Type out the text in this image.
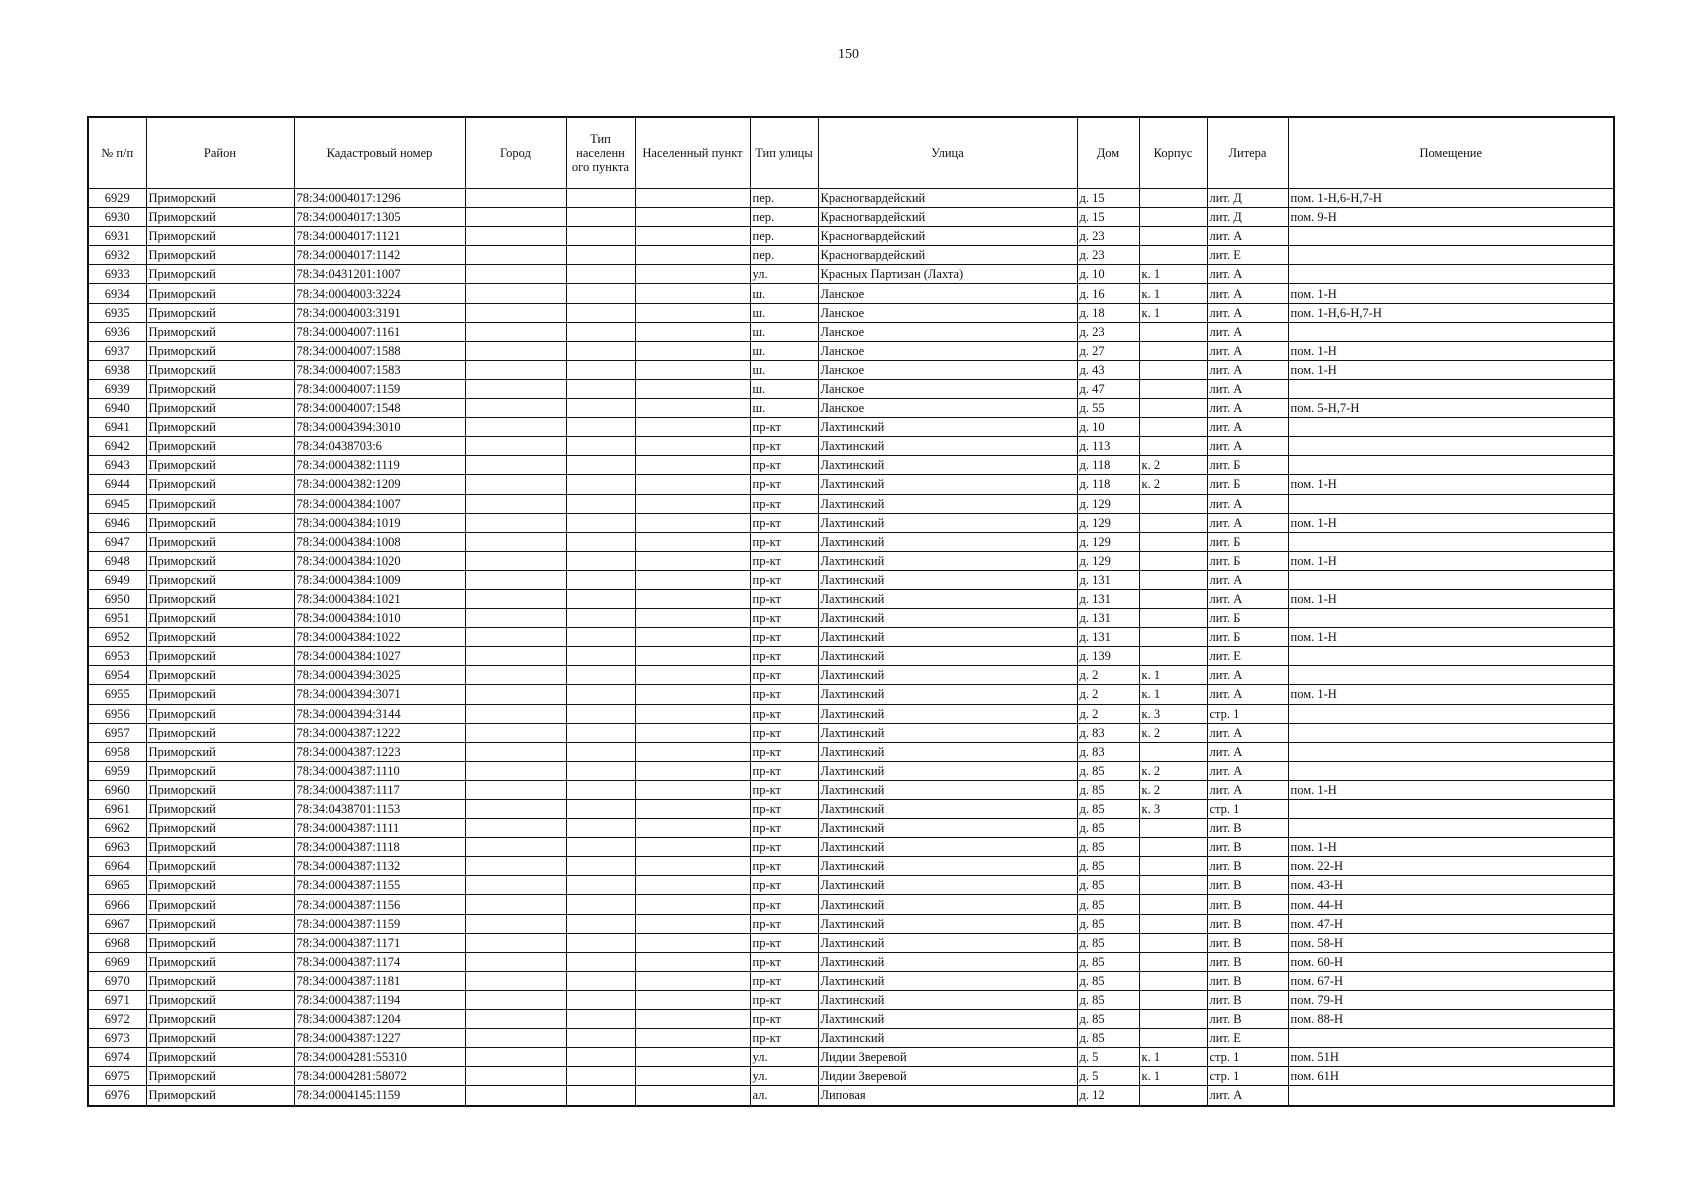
150
№ п/п	Район	Кадастровый номер	Город	Тип населенн ого пункта	Населенный пункт	Тип улицы	Улица	Дом	Корпус	Литера	Помещение
6929	Приморский	78:34:0004017:1296				пер.	Красногвардейский	д. 15		лит. Д	пом. 1-Н,6-Н,7-Н
6930	Приморский	78:34:0004017:1305				пер.	Красногвардейский	д. 15		лит. Д	пом. 9-Н
6931	Приморский	78:34:0004017:1121				пер.	Красногвардейский	д. 23		лит. А	
6932	Приморский	78:34:0004017:1142				пер.	Красногвардейский	д. 23		лит. Е	
6933	Приморский	78:34:0431201:1007				ул.	Красных Партизан (Лахта)	д. 10	к. 1	лит. А	
6934	Приморский	78:34:0004003:3224				ш.	Ланское	д. 16	к. 1	лит. А	пом. 1-Н
6935	Приморский	78:34:0004003:3191				ш.	Ланское	д. 18	к. 1	лит. А	пом. 1-Н,6-Н,7-Н
6936	Приморский	78:34:0004007:1161				ш.	Ланское	д. 23		лит. А	
6937	Приморский	78:34:0004007:1588				ш.	Ланское	д. 27		лит. А	пом. 1-Н
6938	Приморский	78:34:0004007:1583				ш.	Ланское	д. 43		лит. А	пом. 1-Н
6939	Приморский	78:34:0004007:1159				ш.	Ланское	д. 47		лит. А	
6940	Приморский	78:34:0004007:1548				ш.	Ланское	д. 55		лит. А	пом. 5-Н,7-Н
6941	Приморский	78:34:0004394:3010				пр-кт	Лахтинский	д. 10		лит. А	
6942	Приморский	78:34:0438703:6				пр-кт	Лахтинский	д. 113		лит. А	
6943	Приморский	78:34:0004382:1119				пр-кт	Лахтинский	д. 118	к. 2	лит. Б	
6944	Приморский	78:34:0004382:1209				пр-кт	Лахтинский	д. 118	к. 2	лит. Б	пом. 1-Н
6945	Приморский	78:34:0004384:1007				пр-кт	Лахтинский	д. 129		лит. А	
6946	Приморский	78:34:0004384:1019				пр-кт	Лахтинский	д. 129		лит. А	пом. 1-Н
6947	Приморский	78:34:0004384:1008				пр-кт	Лахтинский	д. 129		лит. Б	
6948	Приморский	78:34:0004384:1020				пр-кт	Лахтинский	д. 129		лит. Б	пом. 1-Н
6949	Приморский	78:34:0004384:1009				пр-кт	Лахтинский	д. 131		лит. А	
6950	Приморский	78:34:0004384:1021				пр-кт	Лахтинский	д. 131		лит. А	пом. 1-Н
6951	Приморский	78:34:0004384:1010				пр-кт	Лахтинский	д. 131		лит. Б	
6952	Приморский	78:34:0004384:1022				пр-кт	Лахтинский	д. 131		лит. Б	пом. 1-Н
6953	Приморский	78:34:0004384:1027				пр-кт	Лахтинский	д. 139		лит. Е	
6954	Приморский	78:34:0004394:3025				пр-кт	Лахтинский	д. 2	к. 1	лит. А	
6955	Приморский	78:34:0004394:3071				пр-кт	Лахтинский	д. 2	к. 1	лит. А	пом. 1-Н
6956	Приморский	78:34:0004394:3144				пр-кт	Лахтинский	д. 2	к. 3	стр. 1	
6957	Приморский	78:34:0004387:1222				пр-кт	Лахтинский	д. 83	к. 2	лит. А	
6958	Приморский	78:34:0004387:1223				пр-кт	Лахтинский	д. 83		лит. А	
6959	Приморский	78:34:0004387:1110				пр-кт	Лахтинский	д. 85	к. 2	лит. А	
6960	Приморский	78:34:0004387:1117				пр-кт	Лахтинский	д. 85	к. 2	лит. А	пом. 1-Н
6961	Приморский	78:34:0438701:1153				пр-кт	Лахтинский	д. 85	к. 3	стр. 1	
6962	Приморский	78:34:0004387:1111				пр-кт	Лахтинский	д. 85		лит. В	
6963	Приморский	78:34:0004387:1118				пр-кт	Лахтинский	д. 85		лит. В	пом. 1-Н
6964	Приморский	78:34:0004387:1132				пр-кт	Лахтинский	д. 85		лит. В	пом. 22-Н
6965	Приморский	78:34:0004387:1155				пр-кт	Лахтинский	д. 85		лит. В	пом. 43-Н
6966	Приморский	78:34:0004387:1156				пр-кт	Лахтинский	д. 85		лит. В	пом. 44-Н
6967	Приморский	78:34:0004387:1159				пр-кт	Лахтинский	д. 85		лит. В	пом. 47-Н
6968	Приморский	78:34:0004387:1171				пр-кт	Лахтинский	д. 85		лит. В	пом. 58-Н
6969	Приморский	78:34:0004387:1174				пр-кт	Лахтинский	д. 85		лит. В	пом. 60-Н
6970	Приморский	78:34:0004387:1181				пр-кт	Лахтинский	д. 85		лит. В	пом. 67-Н
6971	Приморский	78:34:0004387:1194				пр-кт	Лахтинский	д. 85		лит. В	пом. 79-Н
6972	Приморский	78:34:0004387:1204				пр-кт	Лахтинский	д. 85		лит. В	пом. 88-Н
6973	Приморский	78:34:0004387:1227				пр-кт	Лахтинский	д. 85		лит. Е	
6974	Приморский	78:34:0004281:55310				ул.	Лидии Зверевой	д. 5	к. 1	стр. 1	пом. 51Н
6975	Приморский	78:34:0004281:58072				ул.	Лидии Зверевой	д. 5	к. 1	стр. 1	пом. 61Н
6976	Приморский	78:34:0004145:1159				ал.	Липовая	д. 12		лит. А	
